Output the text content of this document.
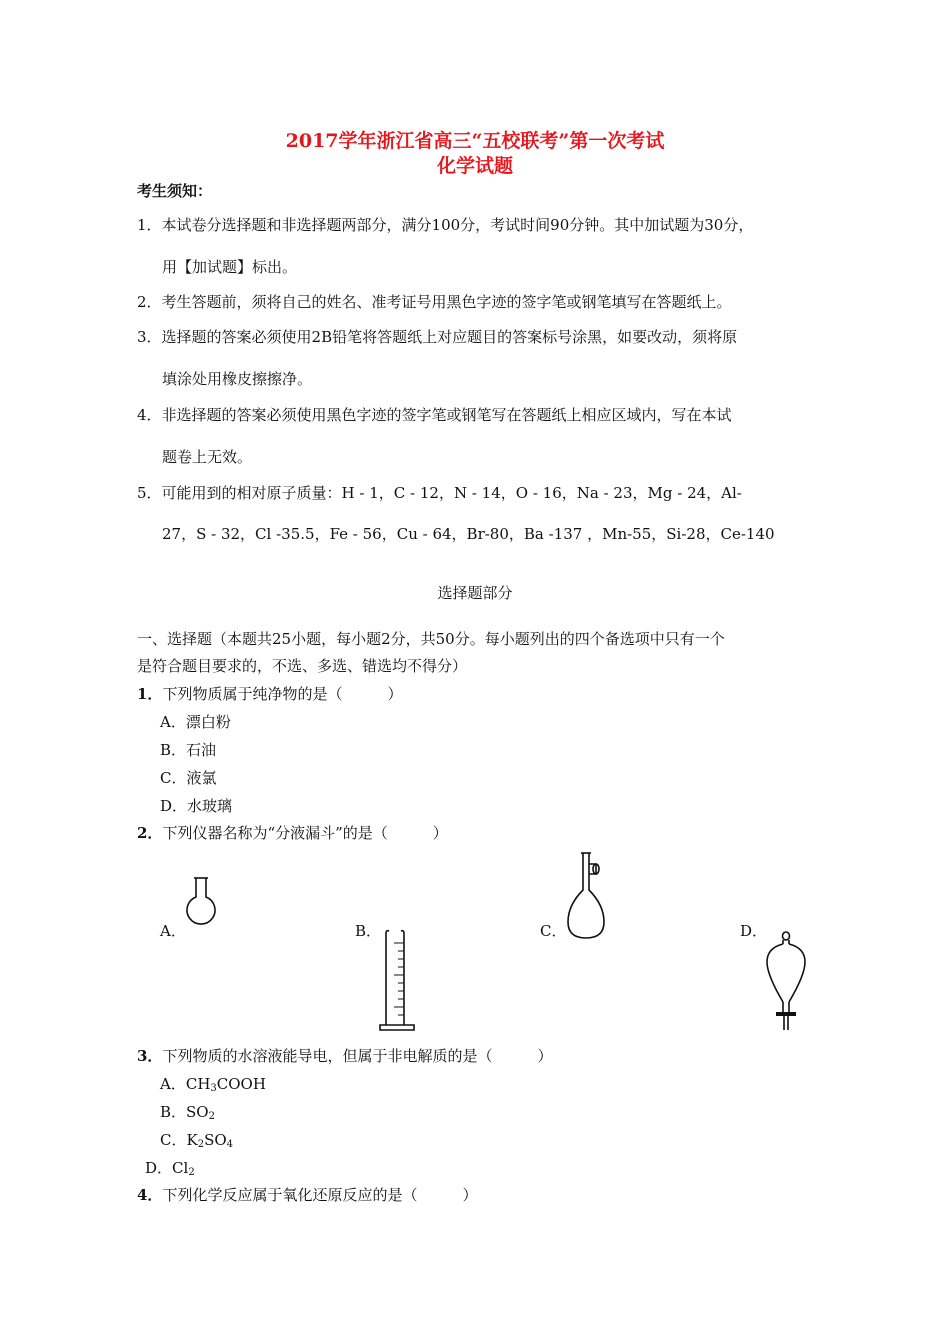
2017学年浙江省高三“五校联考”第一次考试
化学试题
考生须知：
1．本试卷分选择题和非选择题两部分，满分100分，考试时间90分钟。其中加试题为30分，
用【加试题】标出。
2．考生答题前，须将自己的姓名、准考证号用黑色字迹的签字笔或钢笔填写在答题纸上。
3．选择题的答案必须使用2B铅笔将答题纸上对应题目的答案标号涂黑，如要改动，须将原
填涂处用橡皮擦擦净。
4．非选择题的答案必须使用黑色字迹的签字笔或钢笔写在答题纸上相应区域内，写在本试
题卷上无效。
5．可能用到的相对原子质量：H - 1，C - 12，N - 14，O - 16，Na - 23，Mg - 24，Al-
27，S - 32，Cl -35.5，Fe - 56，Cu - 64，Br-80，Ba -137 ，Mn-55，Si-28，Ce-140
选择题部分
一、选择题（本题共25小题，每小题2分，共50分。每小题列出的四个备选项中只有一个
是符合题目要求的，不选、多选、错选均不得分）
1．下列物质属于纯净物的是（　　　）
A．漂白粉
B．石油
C．液氯
D．水玻璃
2．下列仪器名称为“分液漏斗”的是（　　　）
A．	B．	C．	D．
3．下列物质的水溶液能导电，但属于非电解质的是（　　　）
A．$CH_3COOH$
B．$SO_2$
C．$K_2SO_4$
D．$Cl_2$
4．下列化学反应属于氧化还原反应的是（　　　）
